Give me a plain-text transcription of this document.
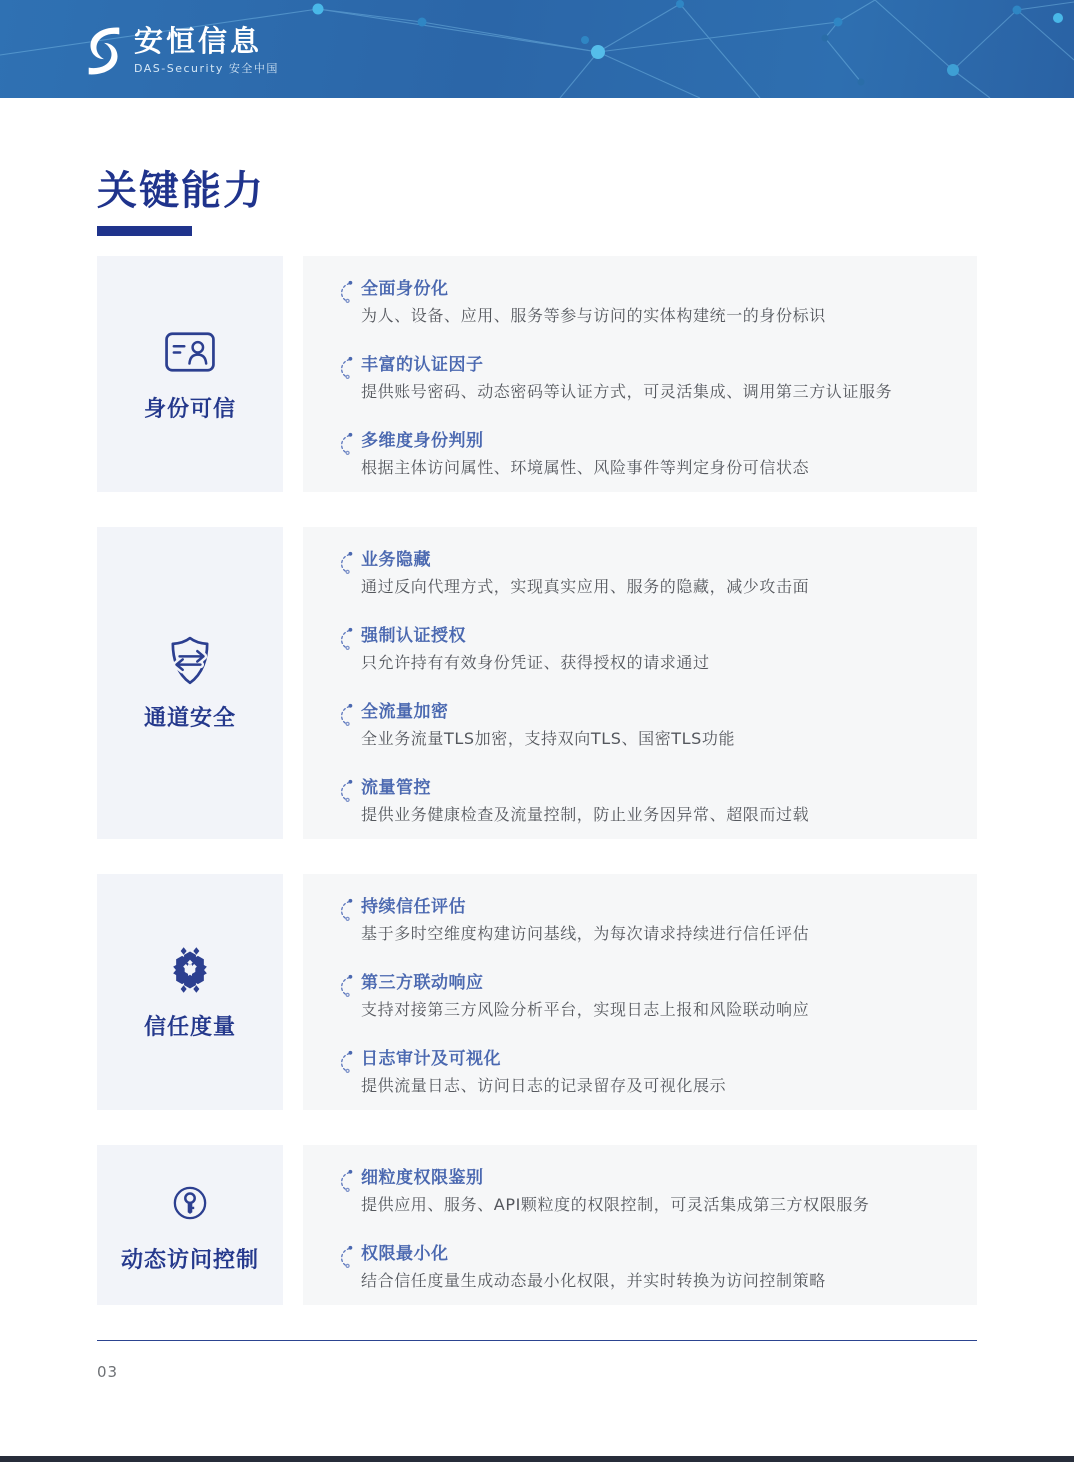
安恒信息
DAS-Security 安全中国
关键能力
身份可信
全面身份化
为人、设备、应用、服务等参与访问的实体构建统一的身份标识
丰富的认证因子
提供账号密码、动态密码等认证方式，可灵活集成、调用第三方认证服务
多维度身份判别
根据主体访问属性、环境属性、风险事件等判定身份可信状态
通道安全
业务隐藏
通过反向代理方式，实现真实应用、服务的隐藏，减少攻击面
强制认证授权
只允许持有有效身份凭证、获得授权的请求通过
全流量加密
全业务流量TLS加密，支持双向TLS、国密TLS功能
流量管控
提供业务健康检查及流量控制，防止业务因异常、超限而过载
信任度量
持续信任评估
基于多时空维度构建访问基线，为每次请求持续进行信任评估
第三方联动响应
支持对接第三方风险分析平台，实现日志上报和风险联动响应
日志审计及可视化
提供流量日志、访问日志的记录留存及可视化展示
动态访问控制
细粒度权限鉴别
提供应用、服务、API颗粒度的权限控制，可灵活集成第三方权限服务
权限最小化
结合信任度量生成动态最小化权限，并实时转换为访问控制策略
03
